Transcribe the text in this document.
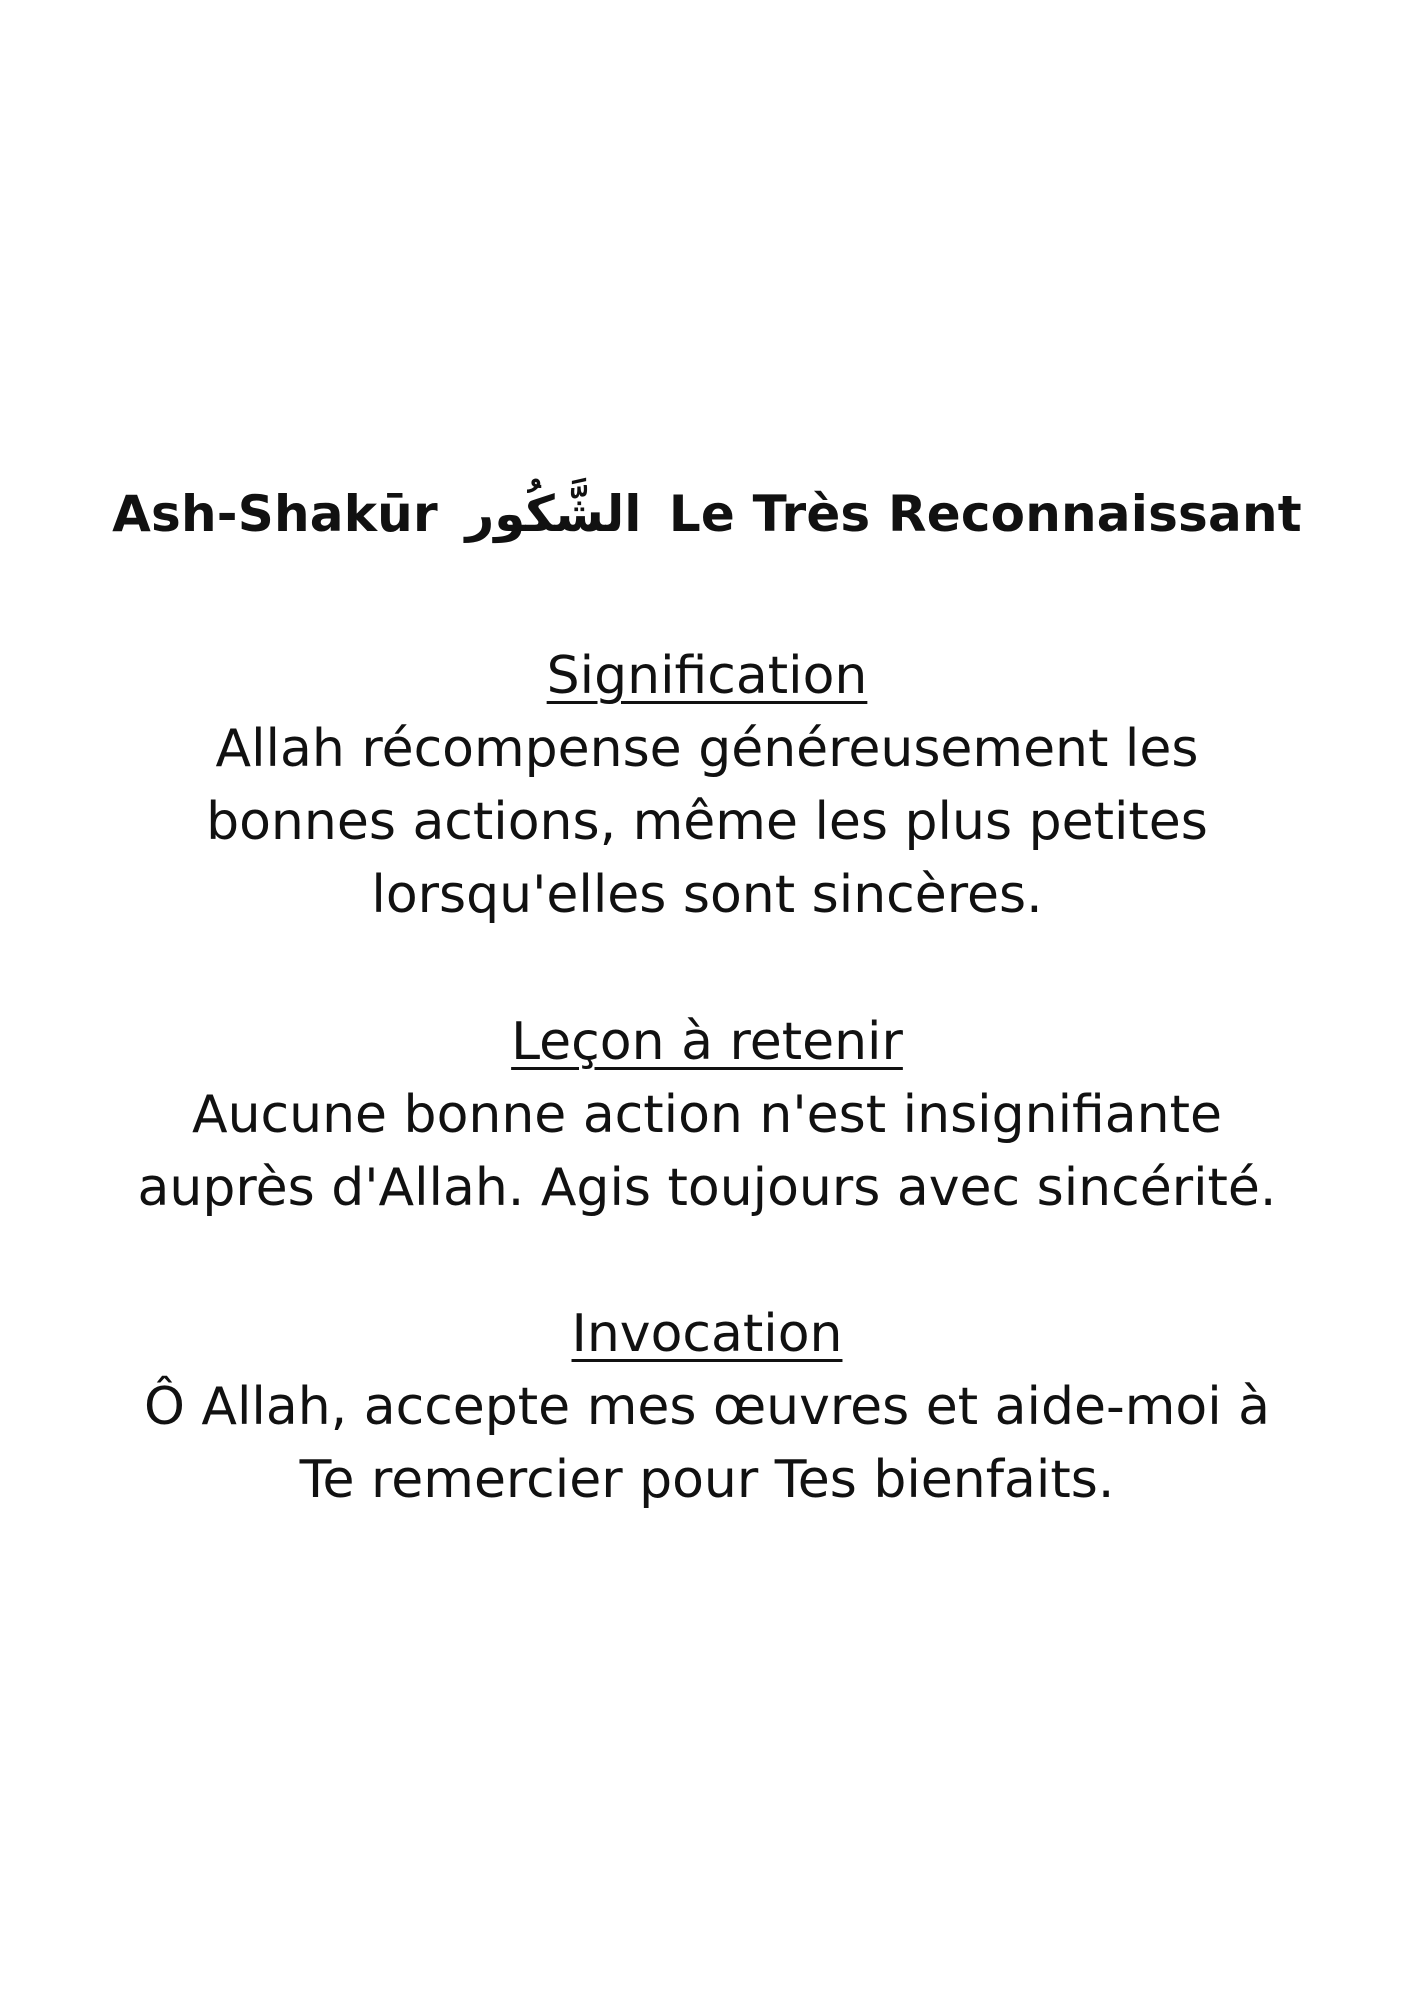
Ash-Shakūr الشَّكُور Le Très Reconnaissant
Signification
Allah récompense généreusement les
bonnes actions, même les plus petites
lorsqu'elles sont sincères.
Leçon à retenir
Aucune bonne action n'est insignifiante
auprès d'Allah. Agis toujours avec sincérité.
Invocation
Ô Allah, accepte mes œuvres et aide-moi à
Te remercier pour Tes bienfaits.
